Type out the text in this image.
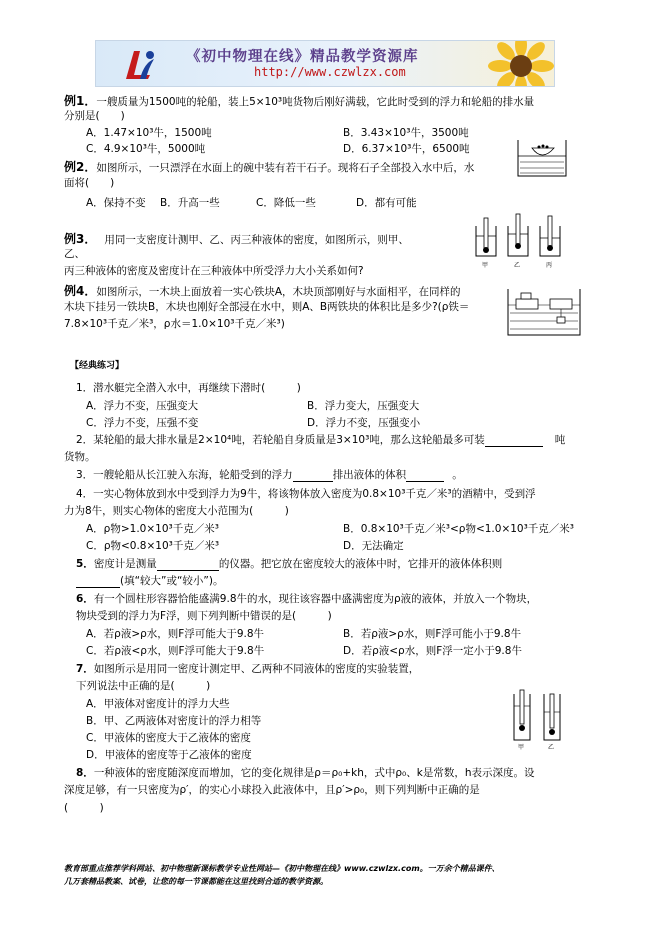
《初中物理在线》精品教学资源库
http://www.czwlzx.com
例1．一艘质量为1500吨的轮船，装上5×10³吨货物后刚好满载，它此时受到的浮力和轮船的排水量
分别是(　　)
A．1.47×10³牛，1500吨	B．3.43×10³牛，3500吨
C．4.9×10³牛，5000吨	D．6.37×10³牛，6500吨
例2．如图所示，一只漂浮在水面上的碗中装有若干石子。现将石子全部投入水中后，水
面将(　　)
A．保持不变 B．升高一些	C．降低一些	D．都有可能
例3． 用同一支密度计测甲、乙、丙三种液体的密度，如图所示，则甲、
乙、
丙三种液体的密度及密度计在三种液体中所受浮力大小关系如何?	甲	乙	丙
例4．如图所示，一木块上面放着一实心铁块A，木块顶部刚好与水面相平，在同样的
木块下挂另一铁块B，木块也刚好全部浸在水中，则A、B两铁块的体积比是多少?(ρ铁＝
7.8×10³千克／米³，ρ水＝1.0×10³千克／米³)
【经典练习】
1．潜水艇完全潜入水中，再继续下潜时(　　　)
A．浮力不变，压强变大	B．浮力变大，压强变大
C．浮力不变，压强不变	D．浮力不变，压强变小
2．某轮船的最大排水量是2×10⁴吨，若轮船自身质量是3×10³吨，那么这轮船最多可装	吨
货物。
3．一艘轮船从长江驶入东海，轮船受到的浮力	排出液体的体积	。
4．一实心物体放到水中受到浮力为9牛，将该物体放入密度为0.8×10³千克／米³的酒精中，受到浮
力为8牛，则实心物体的密度大小范围为(　　　)
A．ρ物>1.0×10³千克／米³	B．0.8×10³千克／米³<ρ物<1.0×10³千克／米³
C．ρ物<0.8×10³千克／米³	D．无法确定
5．密度计是测量	的仪器。把它放在密度较大的液体中时，它排开的液体体积则
(填“较大”或“较小”)。
6．有一个圆柱形容器恰能盛满9.8牛的水，现往该容器中盛满密度为ρ液的液体，并放入一个物块，
物块受到的浮力为F浮，则下列判断中错误的是(　　　)
A．若ρ液>ρ水，则F浮可能大于9.8牛	B．若ρ液>ρ水，则F浮可能小于9.8牛
C．若ρ液<ρ水，则F浮可能大于9.8牛	D．若ρ液<ρ水，则F浮一定小于9.8牛
7．如图所示是用同一密度计测定甲、乙两种不同液体的密度的实验装置，
下列说法中正确的是(　　　)
A．甲液体对密度计的浮力大些
B．甲、乙两液体对密度计的浮力相等
C．甲液体的密度大于乙液体的密度
D．甲液体的密度等于乙液体的密度
甲	乙
8．一种液体的密度随深度而增加，它的变化规律是ρ＝ρ₀+kh，式中ρ₀、k是常数，h表示深度。设
深度足够，有一只密度为ρ′，的实心小球投入此液体中，且ρ′>ρ₀，则下列判断中正确的是
(　　　)
教育部重点推荐学科网站、初中物理新课标教学专业性网站—《初中物理在线》www.czwlzx.com。一万余个精品课件、
几万套精品教案、试卷，让您的每一节课都能在这里找到合适的教学资源。
